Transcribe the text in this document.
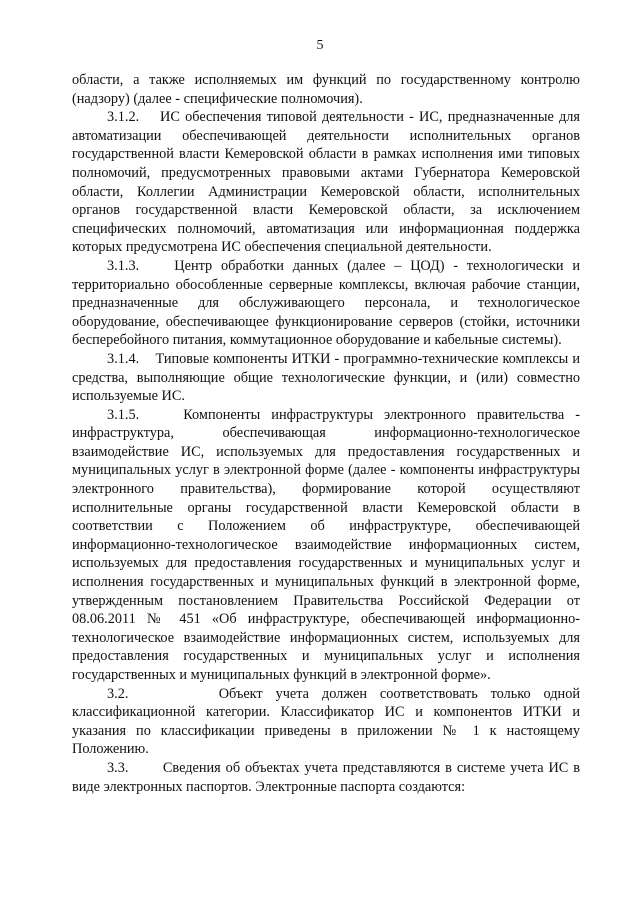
5

области, а также исполняемых им функций по государственному контролю (надзору) (далее - специфические полномочия).

3.1.2.    ИС обеспечения типовой деятельности - ИС, предназначенные для автоматизации обеспечивающей деятельности исполнительных органов государственной власти Кемеровской области в рамках исполнения ими типовых полномочий, предусмотренных правовыми актами Губернатора Кемеровской области, Коллегии Администрации Кемеровской области, исполнительных органов государственной власти Кемеровской области, за исключением специфических полномочий, автоматизация или информационная поддержка которых предусмотрена ИС обеспечения специальной деятельности.

3.1.3.    Центр обработки данных (далее – ЦОД) - технологически и территориально обособленные серверные комплексы, включая рабочие станции, предназначенные для обслуживающего персонала, и технологическое оборудование, обеспечивающее функционирование серверов (стойки, источники бесперебойного питания, коммутационное оборудование и кабельные системы).

3.1.4.    Типовые компоненты ИТКИ - программно-технические комплексы и средства, выполняющие общие технологические функции, и (или) совместно используемые ИС.

3.1.5.    Компоненты инфраструктуры электронного правительства - инфраструктура, обеспечивающая информационно-технологическое взаимодействие ИС, используемых для предоставления государственных и муниципальных услуг в электронной форме (далее - компоненты инфраструктуры электронного правительства), формирование которой осуществляют исполнительные органы государственной власти Кемеровской области в соответствии с Положением об инфраструктуре, обеспечивающей информационно-технологическое взаимодействие информационных систем, используемых для предоставления государственных и муниципальных услуг и исполнения государственных и муниципальных функций в электронной форме, утвержденным постановлением Правительства Российской Федерации от 08.06.2011 № 451 «Об инфраструктуре, обеспечивающей информационно-технологическое взаимодействие информационных систем, используемых для предоставления государственных и муниципальных услуг и исполнения государственных и муниципальных функций в электронной форме».

3.2.       Объект учета должен соответствовать только одной классификационной категории. Классификатор ИС и компонентов ИТКИ и указания по классификации приведены в приложении № 1 к настоящему Положению.

3.3.       Сведения об объектах учета представляются в системе учета ИС в виде электронных паспортов. Электронные паспорта создаются:
